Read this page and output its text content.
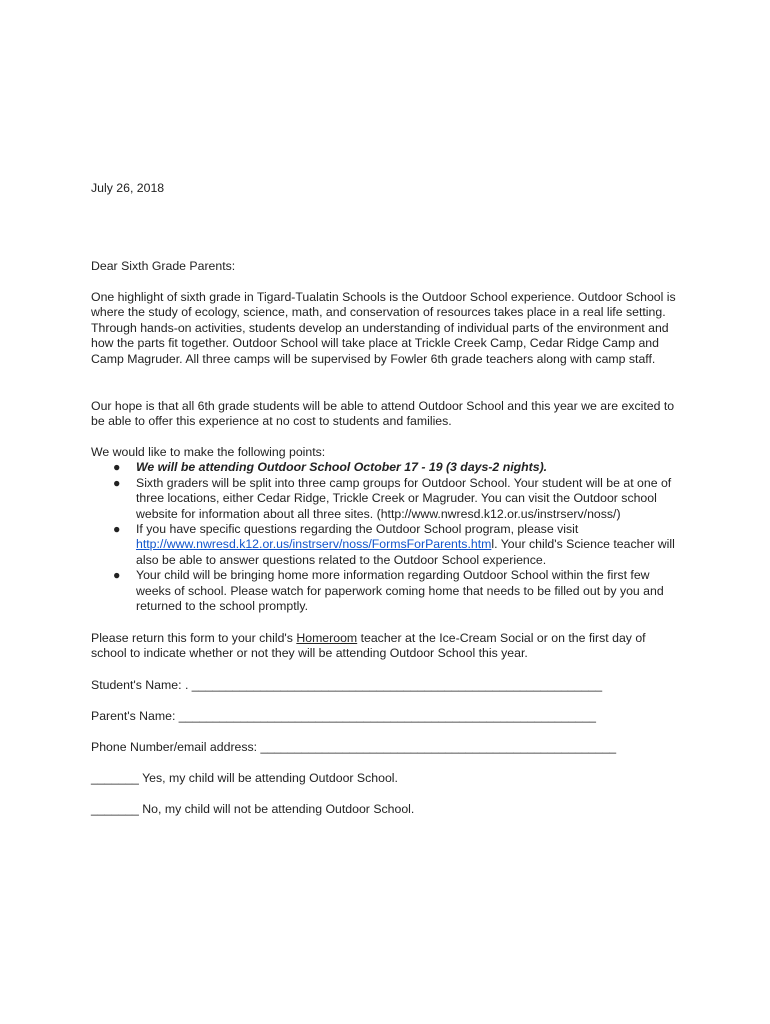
July 26, 2018
Dear Sixth Grade Parents:
One highlight of sixth grade in Tigard-Tualatin Schools is the Outdoor School experience. Outdoor School is where the study of ecology, science, math, and conservation of resources takes place in a real life setting. Through hands-on activities, students develop an understanding of individual parts of the environment and how the parts fit together. Outdoor School will take place at Trickle Creek Camp, Cedar Ridge Camp and Camp Magruder. All three camps will be supervised by Fowler 6th grade teachers along with camp staff.
Our hope is that all 6th grade students will be able to attend Outdoor School and this year we are excited to be able to offer this experience at no cost to students and families.
We would like to make the following points:
● We will be attending Outdoor School October 17 - 19 (3 days-2 nights).
● Sixth graders will be split into three camp groups for Outdoor School. Your student will be at one of three locations, either Cedar Ridge, Trickle Creek or Magruder. You can visit the Outdoor school website for information about all three sites. (http://www.nwresd.k12.or.us/instrserv/noss/)
● If you have specific questions regarding the Outdoor School program, please visit http://www.nwresd.k12.or.us/instrserv/noss/FormsForParents.html. Your child's Science teacher will also be able to answer questions related to the Outdoor School experience.
● Your child will be bringing home more information regarding Outdoor School within the first few weeks of school. Please watch for paperwork coming home that needs to be filled out by you and returned to the school promptly.
Please return this form to your child's Homeroom teacher at the Ice-Cream Social or on the first day of school to indicate whether or not they will be attending Outdoor School this year.
Student's Name: . ____________________________________________________________
Parent's Name: _____________________________________________________________
Phone Number/email address: ____________________________________________________
_______ Yes, my child will be attending Outdoor School.
_______ No, my child will not be attending Outdoor School.
